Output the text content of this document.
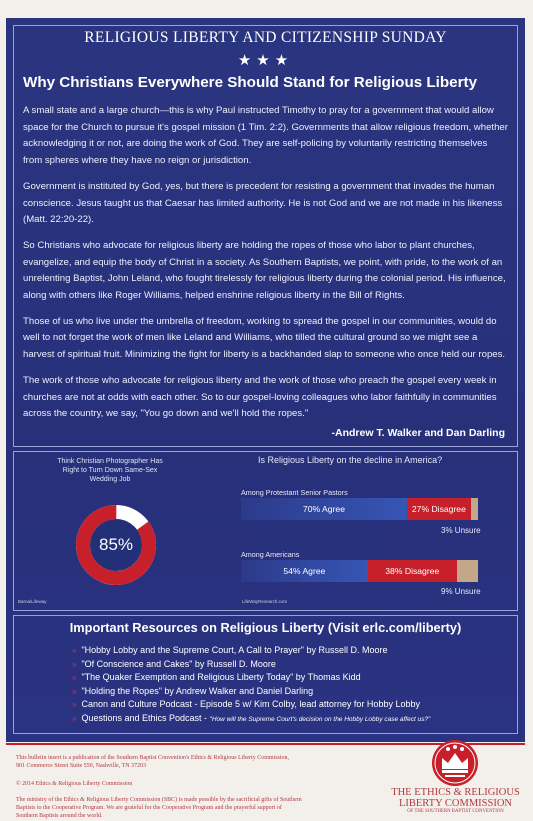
RELIGIOUS LIBERTY AND CITIZENSHIP SUNDAY
★★★
Why Christians Everywhere Should Stand for Religious Liberty

A small state and a large church—this is why Paul instructed Timothy to pray for a government that would allow space for the Church to pursue it's gospel mission (1 Tim. 2:2). Governments that allow religious freedom, whether acknowledging it or not, are doing the work of God. They are self-policing by voluntarily restricting themselves from spheres where they have no reign or jurisdiction.

Government is instituted by God, yes, but there is precedent for resisting a government that invades the human conscience. Jesus taught us that Caesar has limited authority. He is not God and we are not made in his likeness (Matt. 22:20-22).

So Christians who advocate for religious liberty are holding the ropes of those who labor to plant churches, evangelize, and equip the body of Christ in a society. As Southern Baptists, we point, with pride, to the work of an unrelenting Baptist, John Leland, who fought tirelessly for religious liberty during the colonial period. His influence, along with others like Roger Williams, helped enshrine religious liberty in the Bill of Rights.

Those of us who live under the umbrella of freedom, working to spread the gospel in our communities, would do well to not forget the work of men like Leland and Williams, who tilled the cultural ground so we might see a harvest of spiritual fruit. Minimizing the fight for liberty is a backhanded slap to someone who once held our ropes.

The work of those who advocate for religious liberty and the work of those who preach the gospel every week in churches are not at odds with each other. So to our gospel-loving colleagues who labor faithfully in communities across the country, we say, "You go down and we'll hold the ropes."

-Andrew T. Walker and Dan Darling
Think Christian Photographer Has Right to Turn Down Same-Sex Wedding Job
85%
Barna/Lifeway
Is Religious Liberty on the decline in America?
Among Protestant Senior Pastors
70% Agree	27% Disagree
3% Unsure
Among Americans
54% Agree	38% Disagree
9% Unsure
LifeWayResearch.com
Important Resources on Religious Liberty (Visit erlc.com/liberty)
» "Hobby Lobby and the Supreme Court, A Call to Prayer" by Russell D. Moore
» "Of Conscience and Cakes" by Russell D. Moore
» "The Quaker Exemption and Religious Liberty Today" by Thomas Kidd
» "Holding the Ropes" by Andrew Walker and Daniel Darling
» Canon and Culture Podcast - Episode 5 w/ Kim Colby, lead attorney for Hobby Lobby
» Questions and Ethics Podcast - "How will the Supreme Court's decision on the Hobby Lobby case affect us?"
This bulletin insert is a publication of the Southern Baptist Convention's Ethics & Religious Liberty Commission,
901 Commerce Street Suite 550, Nashville, TN 37203
© 2014 Ethics & Religious Liberty Commission
The ministry of the Ethics & Religious Liberty Commission (SBC) is made possible by the sacrificial gifts of Southern
Baptists to the Cooperative Program. We are grateful for the Cooperative Program and the prayerful support of
Southern Baptists around the world.
THE ETHICS & RELIGIOUS
LIBERTY COMMISSION
OF THE SOUTHERN BAPTIST CONVENTION
